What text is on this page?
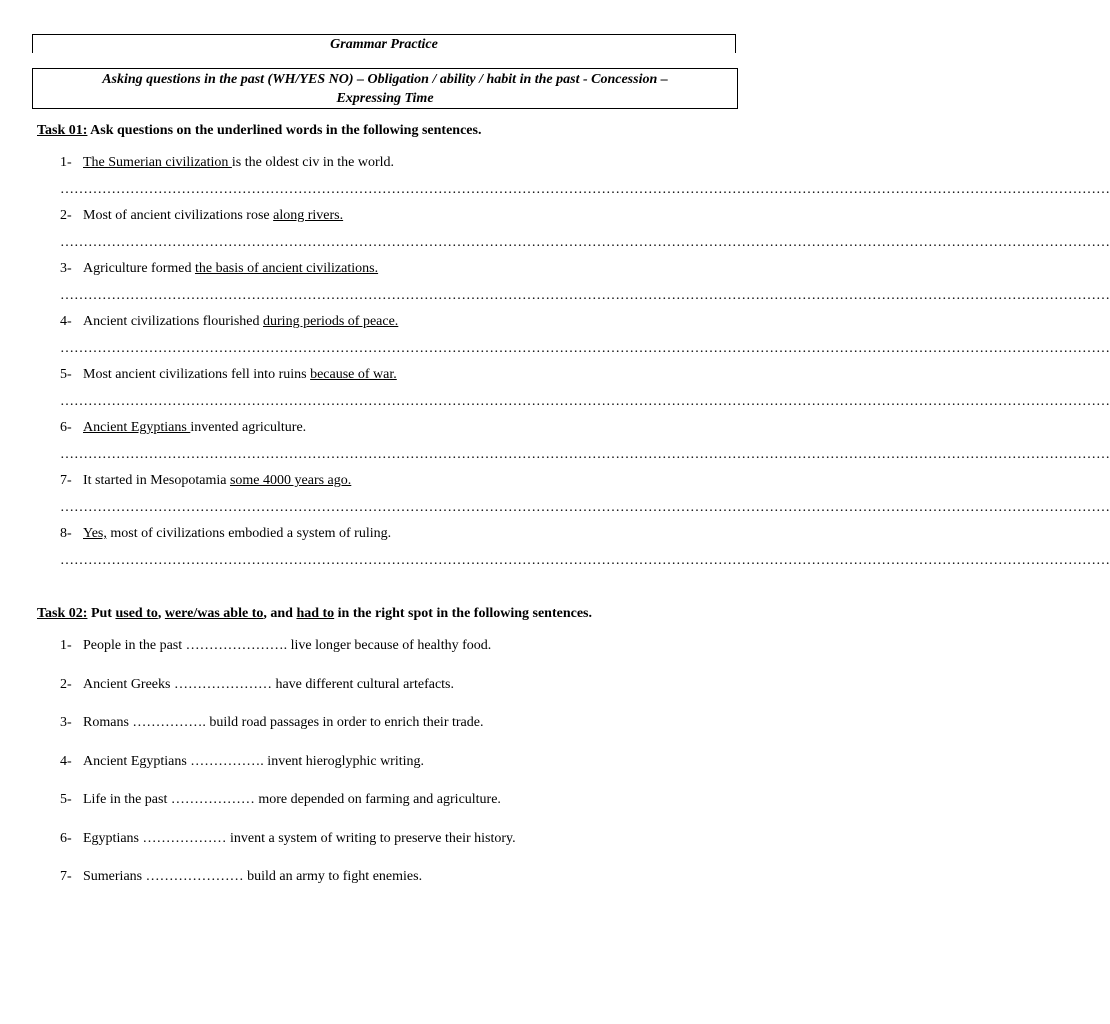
Grammar Practice
Asking questions in the past (WH/YES NO) – Obligation / ability / habit in the past - Concession –
Expressing Time
Task 01: Ask questions on the underlined words in the following sentences.
1- The Sumerian civilization is the oldest civ in the world.
………………………………………………………………………………………………………………………………………………………………………………………………………
2- Most of ancient civilizations rose along rivers.
………………………………………………………………………………………………………………………………………………………………………………………………………
3- Agriculture formed the basis of ancient civilizations.
………………………………………………………………………………………………………………………………………………………………………………………………………
4- Ancient civilizations flourished during periods of peace.
………………………………………………………………………………………………………………………………………………………………………………………………………
5- Most ancient civilizations fell into ruins because of war.
………………………………………………………………………………………………………………………………………………………………………………………………………
6- Ancient Egyptians invented agriculture.
………………………………………………………………………………………………………………………………………………………………………………………………………
7- It started in Mesopotamia some 4000 years ago.
………………………………………………………………………………………………………………………………………………………………………………………………………
8- Yes, most of civilizations embodied a system of ruling.
………………………………………………………………………………………………………………………………………………………………………………………………………
Task 02: Put used to, were/was able to, and had to in the right spot in the following sentences.
1- People in the past …………………. live longer because of healthy food.
2- Ancient Greeks ………………… have different cultural artefacts.
3- Romans ……………. build road passages in order to enrich their trade.
4- Ancient Egyptians ……………. invent hieroglyphic writing.
5- Life in the past ……………… more depended on farming and agriculture.
6- Egyptians ……………… invent a system of writing to preserve their history.
7- Sumerians ………………… build an army to fight enemies.
